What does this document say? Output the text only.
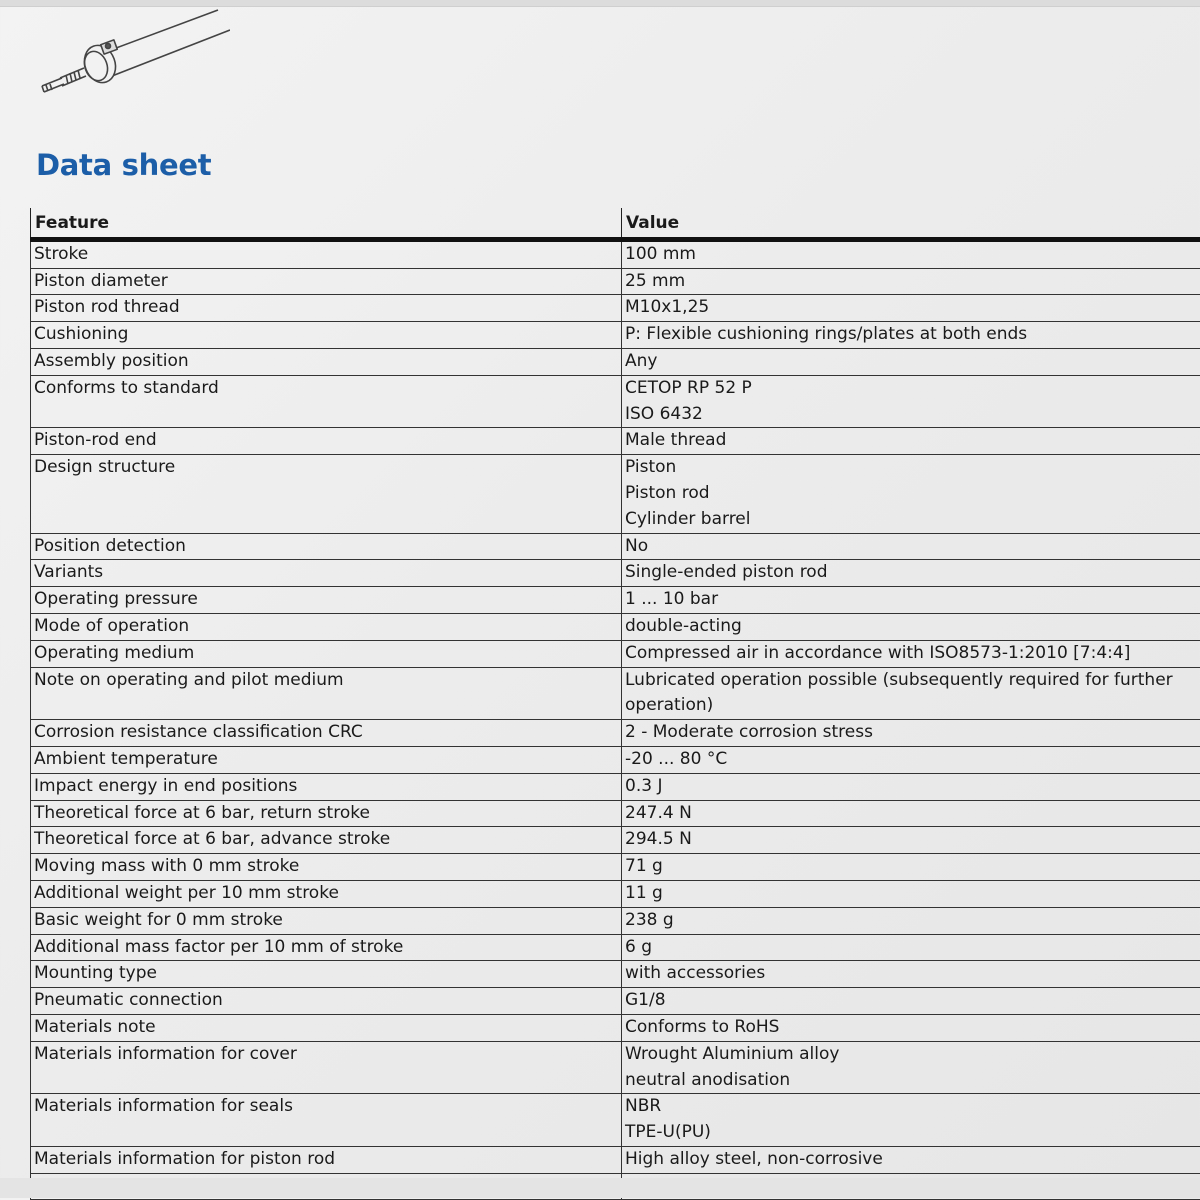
Data sheet
Feature	Value
Stroke	100 mm

Piston diameter	25 mm

Piston rod thread	M10x1,25

Cushioning	P: Flexible cushioning rings/plates at both ends

Assembly position	Any

Conforms to standard	CETOP RP 52 P
ISO 6432

Piston-rod end	Male thread

Design structure	Piston
Piston rod
Cylinder barrel

Position detection	No

Variants	Single-ended piston rod

Operating pressure	1 ... 10 bar

Mode of operation	double-acting

Operating medium	Compressed air in accordance with ISO8573-1:2010 [7:4:4]

Note on operating and pilot medium	Lubricated operation possible (subsequently required for further operation)

Corrosion resistance classification CRC	2 - Moderate corrosion stress

Ambient temperature	-20 ... 80 °C

Impact energy in end positions	0.3 J

Theoretical force at 6 bar, return stroke	247.4 N

Theoretical force at 6 bar, advance stroke	294.5 N

Moving mass with 0 mm stroke	71 g

Additional weight per 10 mm stroke	11 g

Basic weight for 0 mm stroke	238 g

Additional mass factor per 10 mm of stroke	6 g

Mounting type	with accessories

Pneumatic connection	G1/8

Materials note	Conforms to RoHS

Materials information for cover	Wrought Aluminium alloy
neutral anodisation

Materials information for seals	NBR
TPE-U(PU)

Materials information for piston rod	High alloy steel, non-corrosive
